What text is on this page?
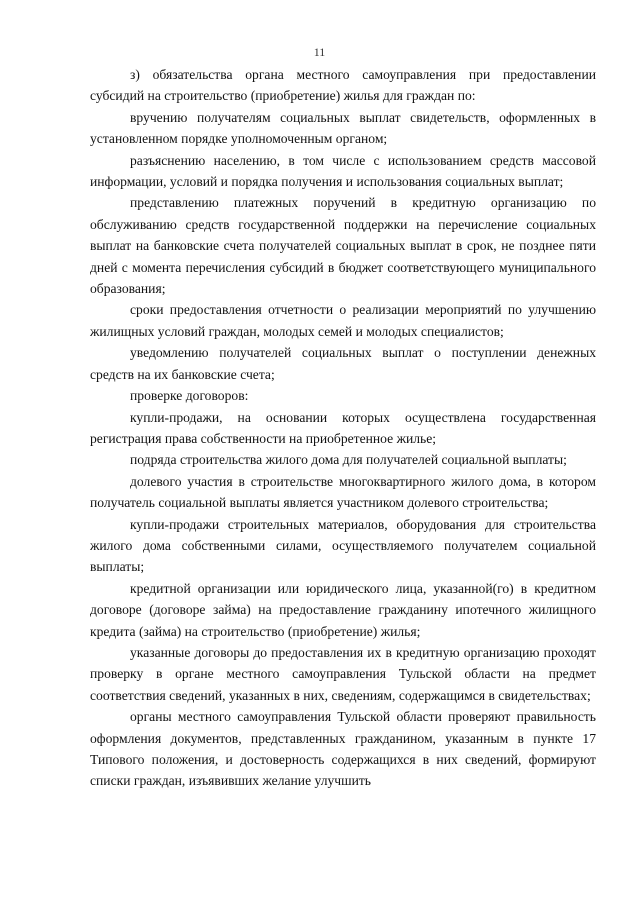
11

з) обязательства органа местного самоуправления при предоставлении субсидий на строительство (приобретение) жилья для граждан по:

вручению получателям социальных выплат свидетельств, оформленных в установленном порядке уполномоченным органом;

разъяснению населению, в том числе с использованием средств массовой информации, условий и порядка получения и использования социальных выплат;

представлению платежных поручений в кредитную организацию по обслуживанию средств государственной поддержки на перечисление социальных выплат на банковские счета получателей социальных выплат в срок, не позднее пяти дней с момента перечисления субсидий в бюджет соответствующего муниципального образования;

сроки предоставления отчетности о реализации мероприятий по улучшению жилищных условий граждан, молодых семей и молодых специалистов;

уведомлению получателей социальных выплат о поступлении денежных средств на их банковские счета;

проверке договоров:

купли-продажи, на основании которых осуществлена государственная регистрация права собственности на приобретенное жилье;

подряда строительства жилого дома для получателей социальной выплаты;

долевого участия в строительстве многоквартирного жилого дома, в котором получатель социальной выплаты является участником долевого строительства;

купли-продажи строительных материалов, оборудования для строительства жилого дома собственными силами, осуществляемого получателем социальной выплаты;

кредитной организации или юридического лица, указанной(го) в кредитном договоре (договоре займа) на предоставление гражданину ипотечного жилищного кредита (займа) на строительство (приобретение) жилья;

указанные договоры до предоставления их в кредитную организацию проходят проверку в органе местного самоуправления Тульской области на предмет соответствия сведений, указанных в них, сведениям, содержащимся в свидетельствах;

органы местного самоуправления Тульской области проверяют правильность оформления документов, представленных гражданином, указанным в пункте 17 Типового положения, и достоверность содержащихся в них сведений, формируют списки граждан, изъявивших желание улучшить
